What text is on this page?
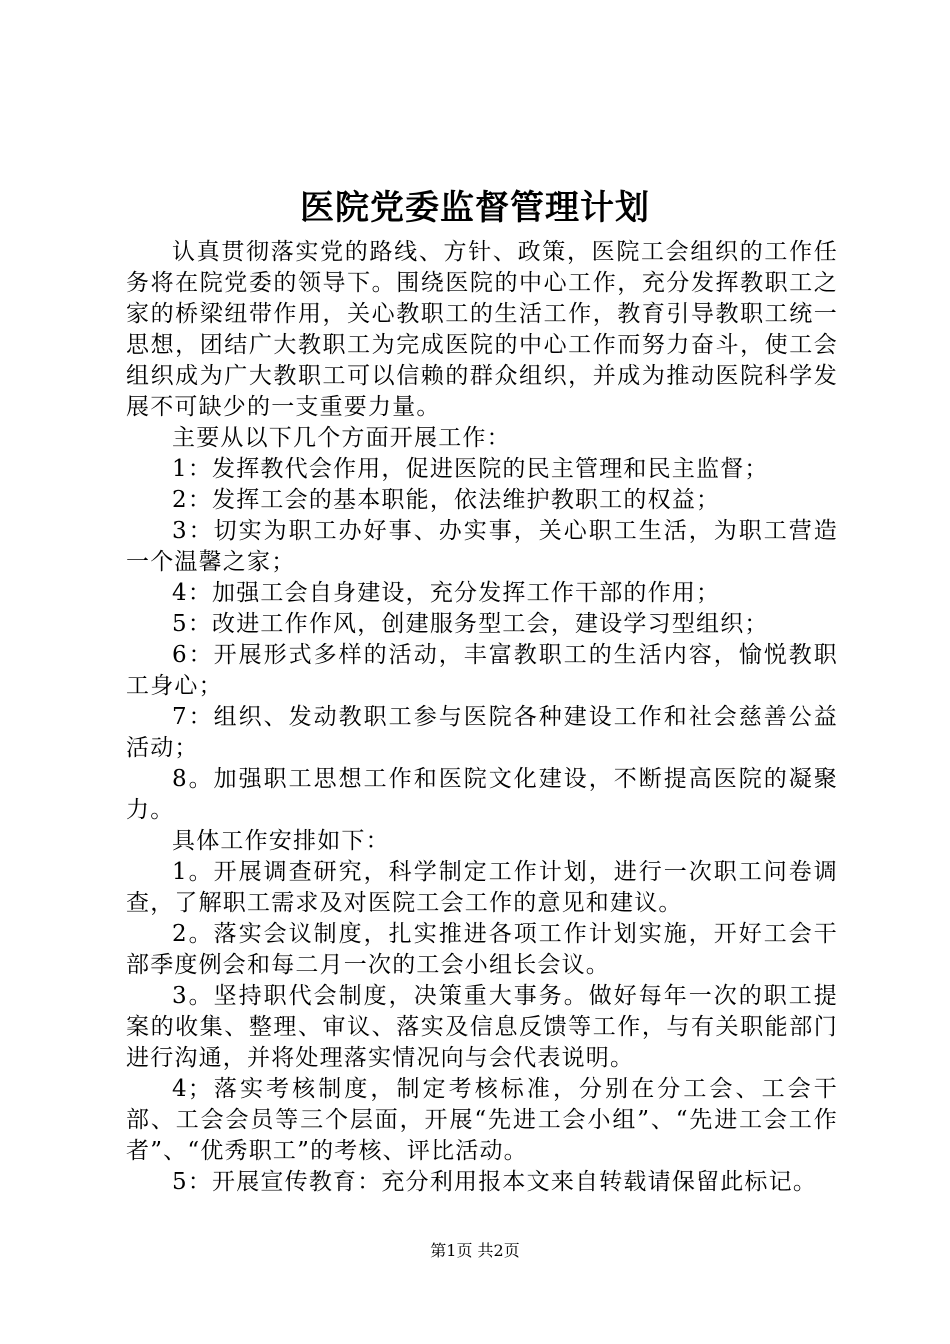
医院党委监督管理计划

认真贯彻落实党的路线、方针、政策，医院工会组织的工作任务将在院党委的领导下。围绕医院的中心工作，充分发挥教职工之家的桥梁纽带作用，关心教职工的生活工作，教育引导教职工统一思想，团结广大教职工为完成医院的中心工作而努力奋斗，使工会组织成为广大教职工可以信赖的群众组织，并成为推动医院科学发展不可缺少的一支重要力量。

主要从以下几个方面开展工作：

1：发挥教代会作用，促进医院的民主管理和民主监督；

2：发挥工会的基本职能，依法维护教职工的权益；

3：切实为职工办好事、办实事，关心职工生活，为职工营造一个温馨之家；

4：加强工会自身建设，充分发挥工作干部的作用；

5：改进工作作风，创建服务型工会，建设学习型组织；

6：开展形式多样的活动，丰富教职工的生活内容，愉悦教职工身心；

7：组织、发动教职工参与医院各种建设工作和社会慈善公益活动；

8。加强职工思想工作和医院文化建设，不断提高医院的凝聚力。

具体工作安排如下：

1。开展调查研究，科学制定工作计划，进行一次职工问卷调查，了解职工需求及对医院工会工作的意见和建议。

2。落实会议制度，扎实推进各项工作计划实施，开好工会干部季度例会和每二月一次的工会小组长会议。

3。坚持职代会制度，决策重大事务。做好每年一次的职工提案的收集、整理、审议、落实及信息反馈等工作，与有关职能部门进行沟通，并将处理落实情况向与会代表说明。

4；落实考核制度，制定考核标准，分别在分工会、工会干部、工会会员等三个层面，开展“先进工会小组”、“先进工会工作者”、“优秀职工”的考核、评比活动。

5：开展宣传教育：充分利用报本文来自转载请保留此标记。

第1页 共2页
